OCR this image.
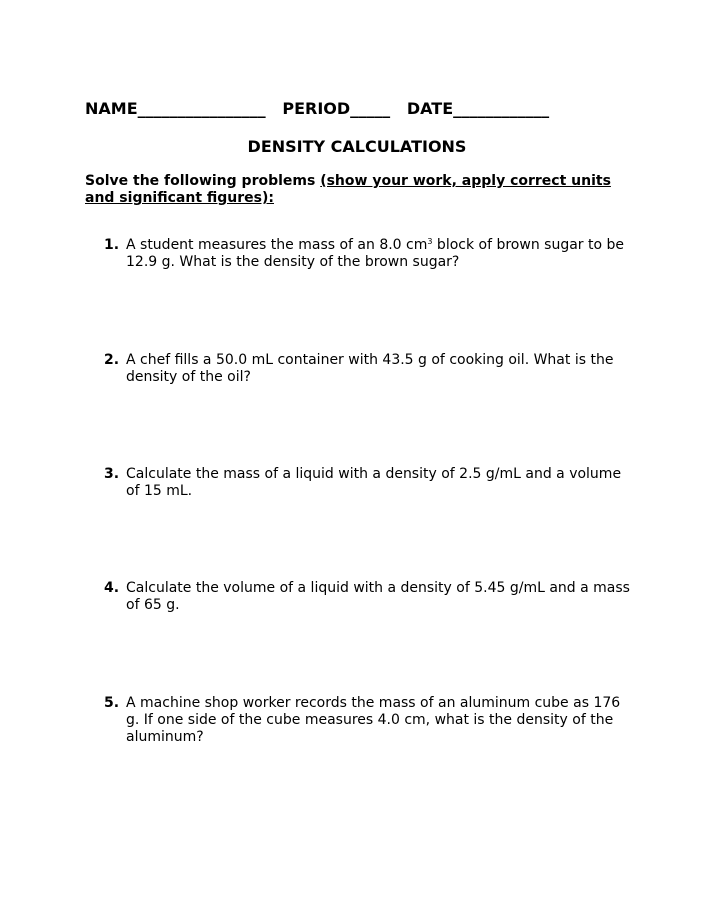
NAME________________   PERIOD_____   DATE____________
DENSITY CALCULATIONS
Solve the following problems (show your work, apply correct units and significant figures):
1. A student measures the mass of an 8.0 $cm^3$ block of brown sugar to be 12.9 g. What is the density of the brown sugar?
2. A chef fills a 50.0 mL container with 43.5 g of cooking oil. What is the density of the oil?
3. Calculate the mass of a liquid with a density of 2.5 g/mL and a volume of 15 mL.
4. Calculate the volume of a liquid with a density of 5.45 g/mL and a mass of 65 g.
5. A machine shop worker records the mass of an aluminum cube as 176 g. If one side of the cube measures 4.0 cm, what is the density of the aluminum?
